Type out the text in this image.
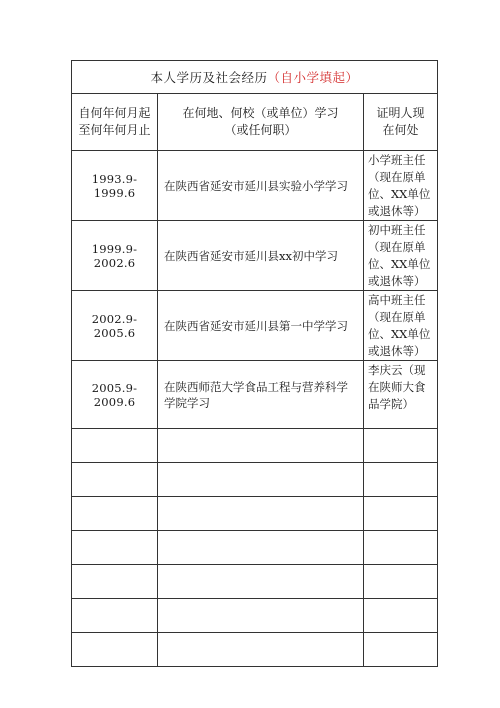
本人学历及社会经历（自小学填起）		

自何年何月起至何年何月止	在何地、何校（或单位）学习（或任何职）	证明人现在何处

1993.9-1999.6	在陕西省延安市延川县实验小学学习	小学班主任（现在原单位、XX单位或退休等）
1999.9-2002.6	在陕西省延安市延川县xx初中学习	初中班主任（现在原单位、XX单位或退休等）
2002.9-2005.6	在陕西省延安市延川县第一中学学习	高中班主任（现在原单位、XX单位或退休等）
2005.9-2009.6	在陕西师范大学食品工程与营养科学学院学习	李庆云（现在陕师大食品学院）
